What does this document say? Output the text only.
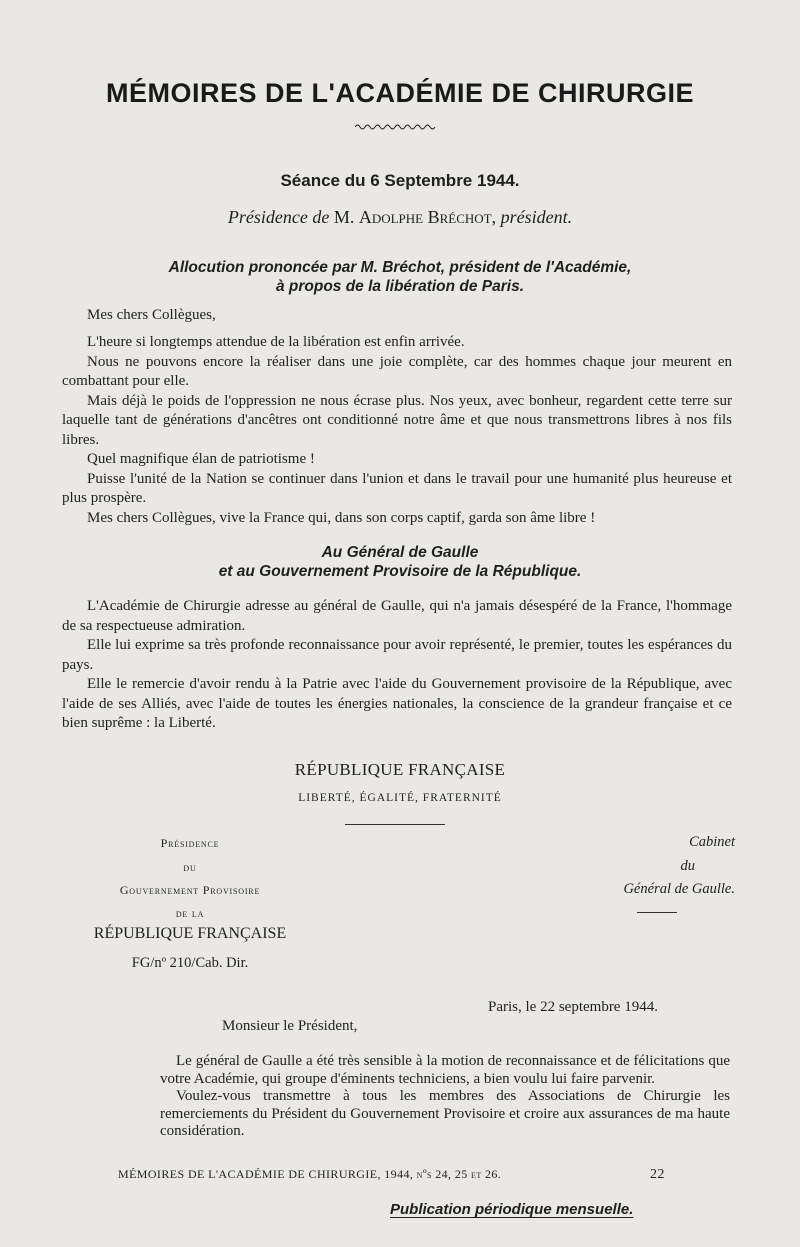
MÉMOIRES DE L'ACADÉMIE DE CHIRURGIE
Séance du 6 Septembre 1944.
Présidence de M. Adolphe Bréchot, président.
Allocution prononcée par M. Bréchot, président de l'Académie,
à propos de la libération de Paris.
Mes chers Collègues,

L'heure si longtemps attendue de la libération est enfin arrivée.

Nous ne pouvons encore la réaliser dans une joie complète, car des hommes chaque jour meurent en combattant pour elle.

Mais déjà le poids de l'oppression ne nous écrase plus. Nos yeux, avec bonheur, regardent cette terre sur laquelle tant de générations d'ancêtres ont conditionné notre âme et que nous transmettrons libres à nos fils libres.

Quel magnifique élan de patriotisme !

Puisse l'unité de la Nation se continuer dans l'union et dans le travail pour une humanité plus heureuse et plus prospère.

Mes chers Collègues, vive la France qui, dans son corps captif, garda son âme libre !

Au Général de Gaulle
et au Gouvernement Provisoire de la République.

L'Académie de Chirurgie adresse au général de Gaulle, qui n'a jamais désespéré de la France, l'hommage de sa respectueuse admiration.

Elle lui exprime sa très profonde reconnaissance pour avoir représenté, le premier, toutes les espérances du pays.

Elle le remercie d'avoir rendu à la Patrie avec l'aide du Gouvernement provisoire de la République, avec l'aide de ses Alliés, avec l'aide de toutes les énergies nationales, la conscience de la grandeur française et ce bien suprême : la Liberté.

RÉPUBLIQUE FRANÇAISE
LIBERTÉ, ÉGALITÉ, FRATERNITÉ
Présidence
du
Gouvernement Provisoire
de la
RÉPUBLIQUE FRANÇAISE
FG/nº 210/Cab. Dir.
Cabinet
du
Général de Gaulle.
Paris, le 22 septembre 1944.
Monsieur le Président,

Le général de Gaulle a été très sensible à la motion de reconnaissance et de félicitations que votre Académie, qui groupe d'éminents techniciens, a bien voulu lui faire parvenir.

Voulez-vous transmettre à tous les membres des Associations de Chirurgie les remerciements du Président du Gouvernement Provisoire et croire aux assurances de ma haute considération.

MÉMOIRES DE L'ACADÉMIE DE CHIRURGIE, 1944, nºs 24, 25 et 26.	22
Publication périodique mensuelle.
